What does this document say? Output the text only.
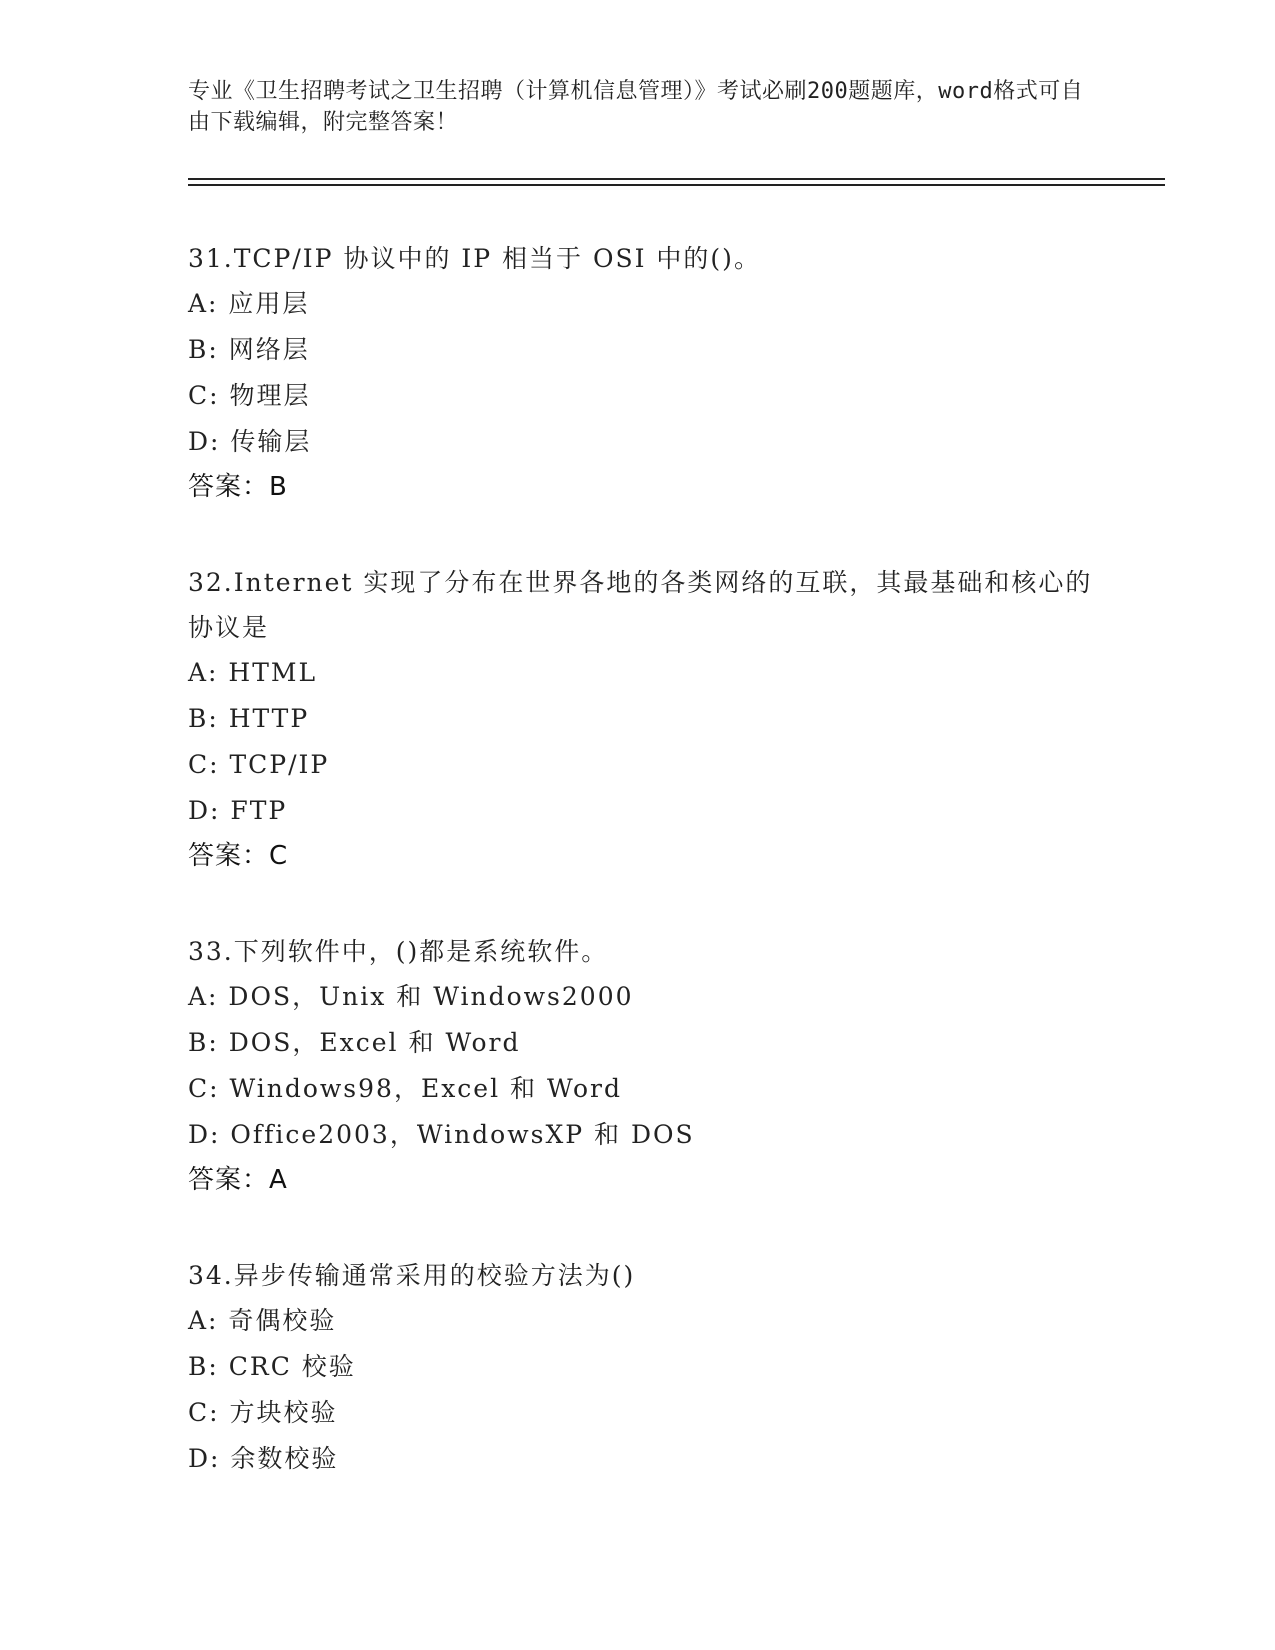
专业《卫生招聘考试之卫生招聘（计算机信息管理）》考试必刷200题题库，word格式可自由下载编辑，附完整答案！
31.TCP/IP 协议中的 IP 相当于 OSI 中的()。
A: 应用层
B: 网络层
C: 物理层
D: 传输层
答案：B
32.Internet 实现了分布在世界各地的各类网络的互联，其最基础和核心的协议是
A: HTML
B: HTTP
C: TCP/IP
D: FTP
答案：C
33.下列软件中，()都是系统软件。
A: DOS，Unix 和 Windows2000
B: DOS，Excel 和 Word
C: Windows98，Excel 和 Word
D: Office2003，WindowsXP 和 DOS
答案：A
34.异步传输通常采用的校验方法为()
A: 奇偶校验
B: CRC 校验
C: 方块校验
D: 余数校验
